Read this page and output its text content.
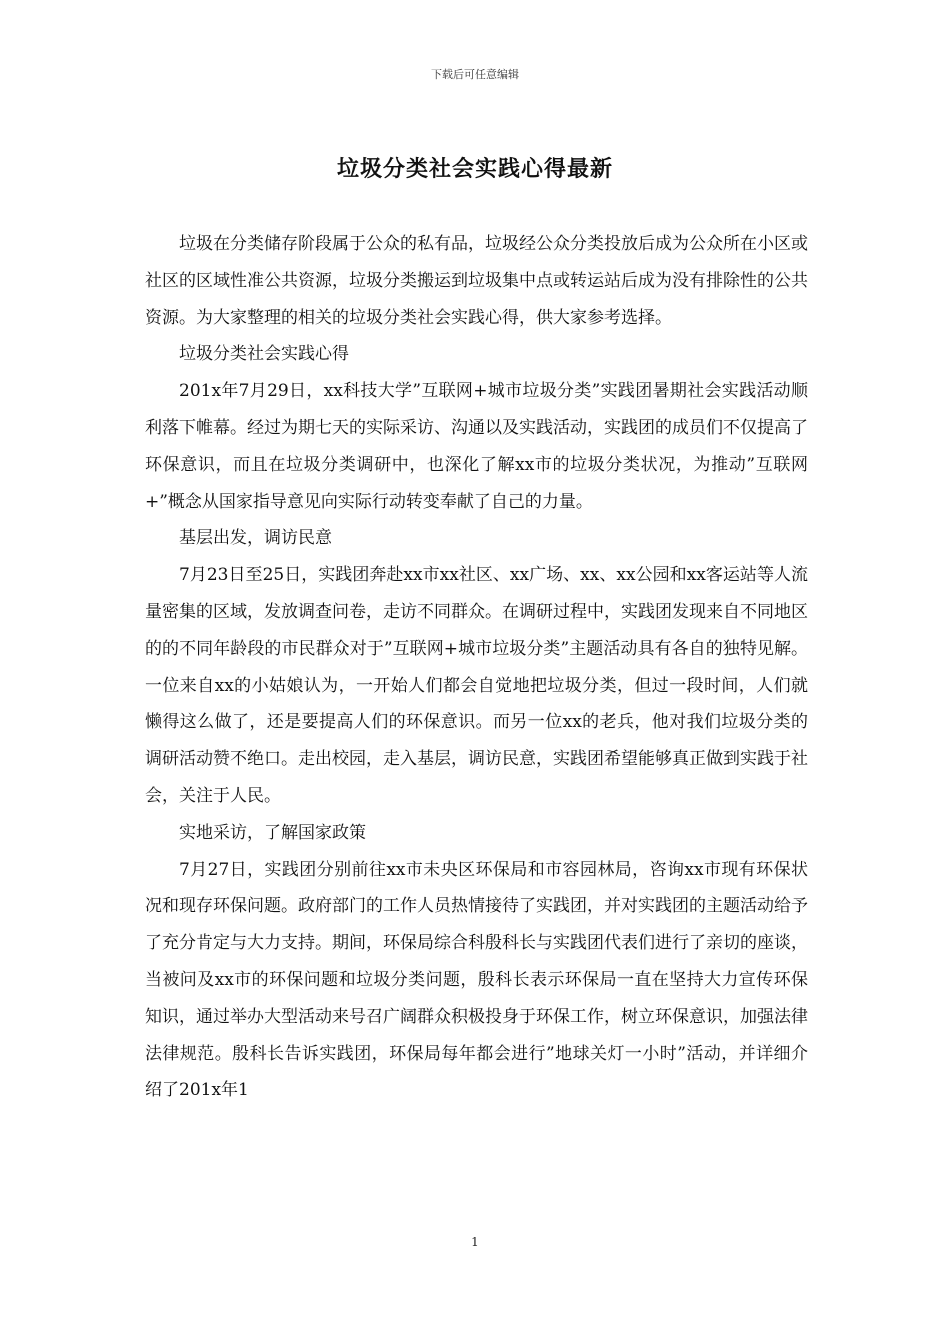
下载后可任意编辑
垃圾分类社会实践心得最新

垃圾在分类储存阶段属于公众的私有品，垃圾经公众分类投放后成为公众所在小区或社区的区域性准公共资源，垃圾分类搬运到垃圾集中点或转运站后成为没有排除性的公共资源。为大家整理的相关的垃圾分类社会实践心得，供大家参考选择。

垃圾分类社会实践心得

201x年7月29日，xx科技大学”互联网+城市垃圾分类”实践团暑期社会实践活动顺利落下帷幕。经过为期七天的实际采访、沟通以及实践活动，实践团的成员们不仅提高了环保意识，而且在垃圾分类调研中，也深化了解xx市的垃圾分类状况，为推动”互联网+”概念从国家指导意见向实际行动转变奉献了自己的力量。

基层出发，调访民意

7月23日至25日，实践团奔赴xx市xx社区、xx广场、xx、xx公园和xx客运站等人流量密集的区域，发放调查问卷，走访不同群众。在调研过程中，实践团发现来自不同地区的的不同年龄段的市民群众对于”互联网+城市垃圾分类”主题活动具有各自的独特见解。一位来自xx的小姑娘认为，一开始人们都会自觉地把垃圾分类，但过一段时间，人们就懒得这么做了，还是要提高人们的环保意识。而另一位xx的老兵，他对我们垃圾分类的调研活动赞不绝口。走出校园，走入基层，调访民意，实践团希望能够真正做到实践于社会，关注于人民。

实地采访，了解国家政策

7月27日，实践团分别前往xx市未央区环保局和市容园林局，咨询xx市现有环保状况和现存环保问题。政府部门的工作人员热情接待了实践团，并对实践团的主题活动给予了充分肯定与大力支持。期间，环保局综合科殷科长与实践团代表们进行了亲切的座谈，当被问及xx市的环保问题和垃圾分类问题，殷科长表示环保局一直在坚持大力宣传环保知识，通过举办大型活动来号召广阔群众积极投身于环保工作，树立环保意识，加强法律法律规范。殷科长告诉实践团，环保局每年都会进行”地球关灯一小时”活动，并详细介绍了201x年1

1
